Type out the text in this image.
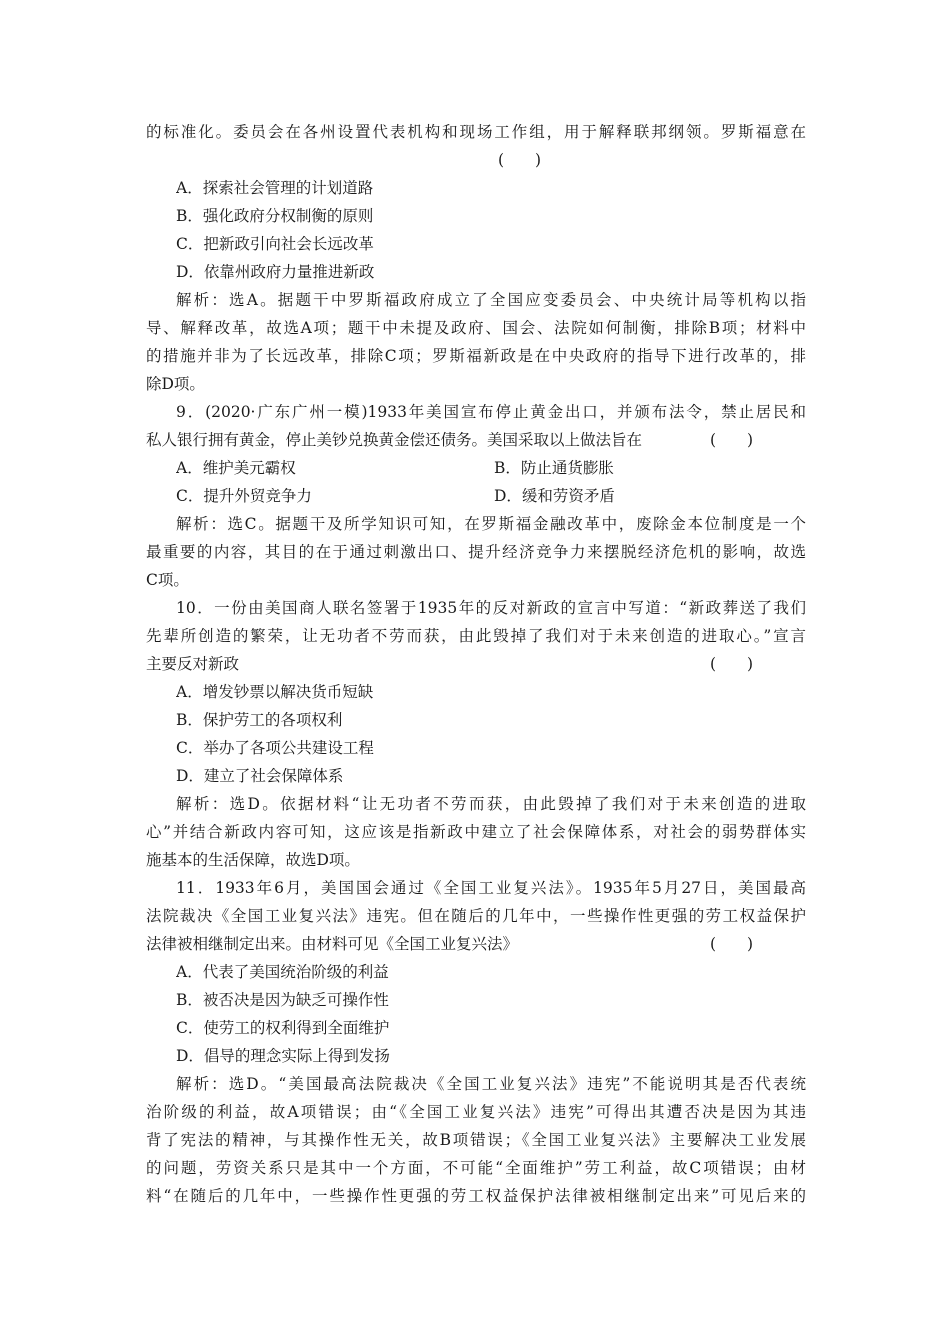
的标准化。委员会在各州设置代表机构和现场工作组，用于解释联邦纲领。罗斯福意在
(　　)
A．探索社会管理的计划道路
B．强化政府分权制衡的原则
C．把新政引向社会长远改革
D．依靠州政府力量推进新政
解析：选A。据题干中罗斯福政府成立了全国应变委员会、中央统计局等机构以指
导、解释改革，故选A项；题干中未提及政府、国会、法院如何制衡，排除B项；材料中
的措施并非为了长远改革，排除C项；罗斯福新政是在中央政府的指导下进行改革的，排
除D项。
9．(2020·广东广州一模)1933年美国宣布停止黄金出口，并颁布法令，禁止居民和
私人银行拥有黄金，停止美钞兑换黄金偿还债务。美国采取以上做法旨在	(　　)
A．维护美元霸权	B．防止通货膨胀
C．提升外贸竞争力	D．缓和劳资矛盾
解析：选C。据题干及所学知识可知，在罗斯福金融改革中，废除金本位制度是一个
最重要的内容，其目的在于通过刺激出口、提升经济竞争力来摆脱经济危机的影响，故选
C项。
10．一份由美国商人联名签署于1935年的反对新政的宣言中写道：“新政葬送了我们
先辈所创造的繁荣，让无功者不劳而获，由此毁掉了我们对于未来创造的进取心。”宣言
主要反对新政	(　　)
A．增发钞票以解决货币短缺
B．保护劳工的各项权利
C．举办了各项公共建设工程
D．建立了社会保障体系
解析：选D。依据材料“让无功者不劳而获，由此毁掉了我们对于未来创造的进取
心”并结合新政内容可知，这应该是指新政中建立了社会保障体系，对社会的弱势群体实
施基本的生活保障，故选D项。
11．1933年6月，美国国会通过《全国工业复兴法》。1935年5月27日，美国最高
法院裁决《全国工业复兴法》违宪。但在随后的几年中，一些操作性更强的劳工权益保护
法律被相继制定出来。由材料可见《全国工业复兴法》	(　　)
A．代表了美国统治阶级的利益
B．被否决是因为缺乏可操作性
C．使劳工的权利得到全面维护
D．倡导的理念实际上得到发扬
解析：选D。“美国最高法院裁决《全国工业复兴法》违宪”不能说明其是否代表统
治阶级的利益，故A项错误；由“《全国工业复兴法》违宪”可得出其遭否决是因为其违
背了宪法的精神，与其操作性无关，故B项错误；《全国工业复兴法》主要解决工业发展
的问题，劳资关系只是其中一个方面，不可能“全面维护”劳工利益，故C项错误；由材
料“在随后的几年中，一些操作性更强的劳工权益保护法律被相继制定出来”可见后来的
